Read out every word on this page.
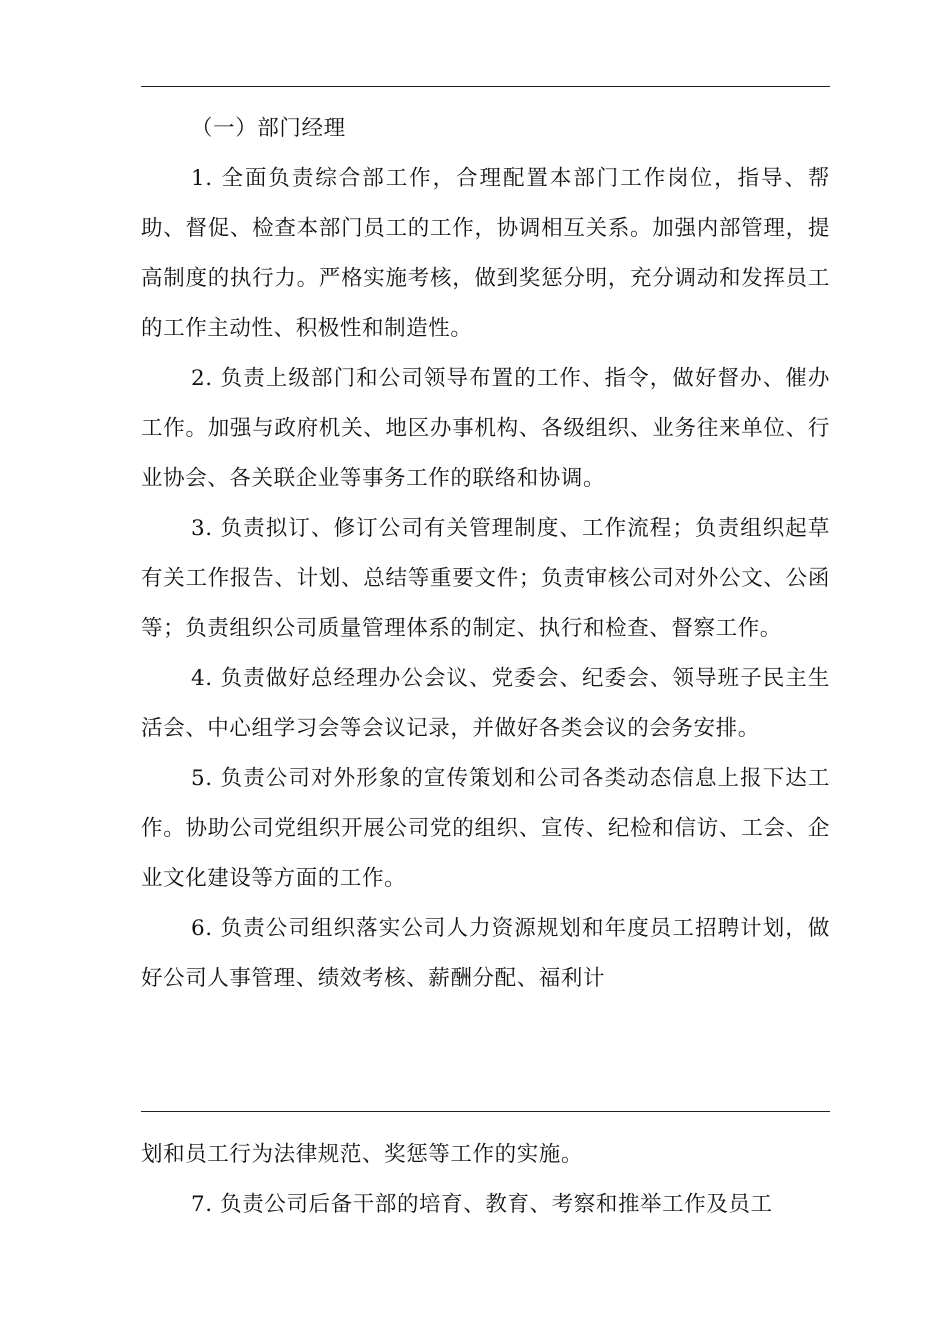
（一）部门经理

1. 全面负责综合部工作，合理配置本部门工作岗位，指导、帮助、督促、检查本部门员工的工作，协调相互关系。加强内部管理，提高制度的执行力。严格实施考核，做到奖惩分明，充分调动和发挥员工的工作主动性、积极性和制造性。

2. 负责上级部门和公司领导布置的工作、指令，做好督办、催办工作。加强与政府机关、地区办事机构、各级组织、业务往来单位、行业协会、各关联企业等事务工作的联络和协调。

3. 负责拟订、修订公司有关管理制度、工作流程；负责组织起草有关工作报告、计划、总结等重要文件；负责审核公司对外公文、公函等；负责组织公司质量管理体系的制定、执行和检查、督察工作。

4. 负责做好总经理办公会议、党委会、纪委会、领导班子民主生活会、中心组学习会等会议记录，并做好各类会议的会务安排。

5. 负责公司对外形象的宣传策划和公司各类动态信息上报下达工作。协助公司党组织开展公司党的组织、宣传、纪检和信访、工会、企业文化建设等方面的工作。

6. 负责公司组织落实公司人力资源规划和年度员工招聘计划，做好公司人事管理、绩效考核、薪酬分配、福利计

划和员工行为法律规范、奖惩等工作的实施。

7. 负责公司后备干部的培育、教育、考察和推举工作及员工
